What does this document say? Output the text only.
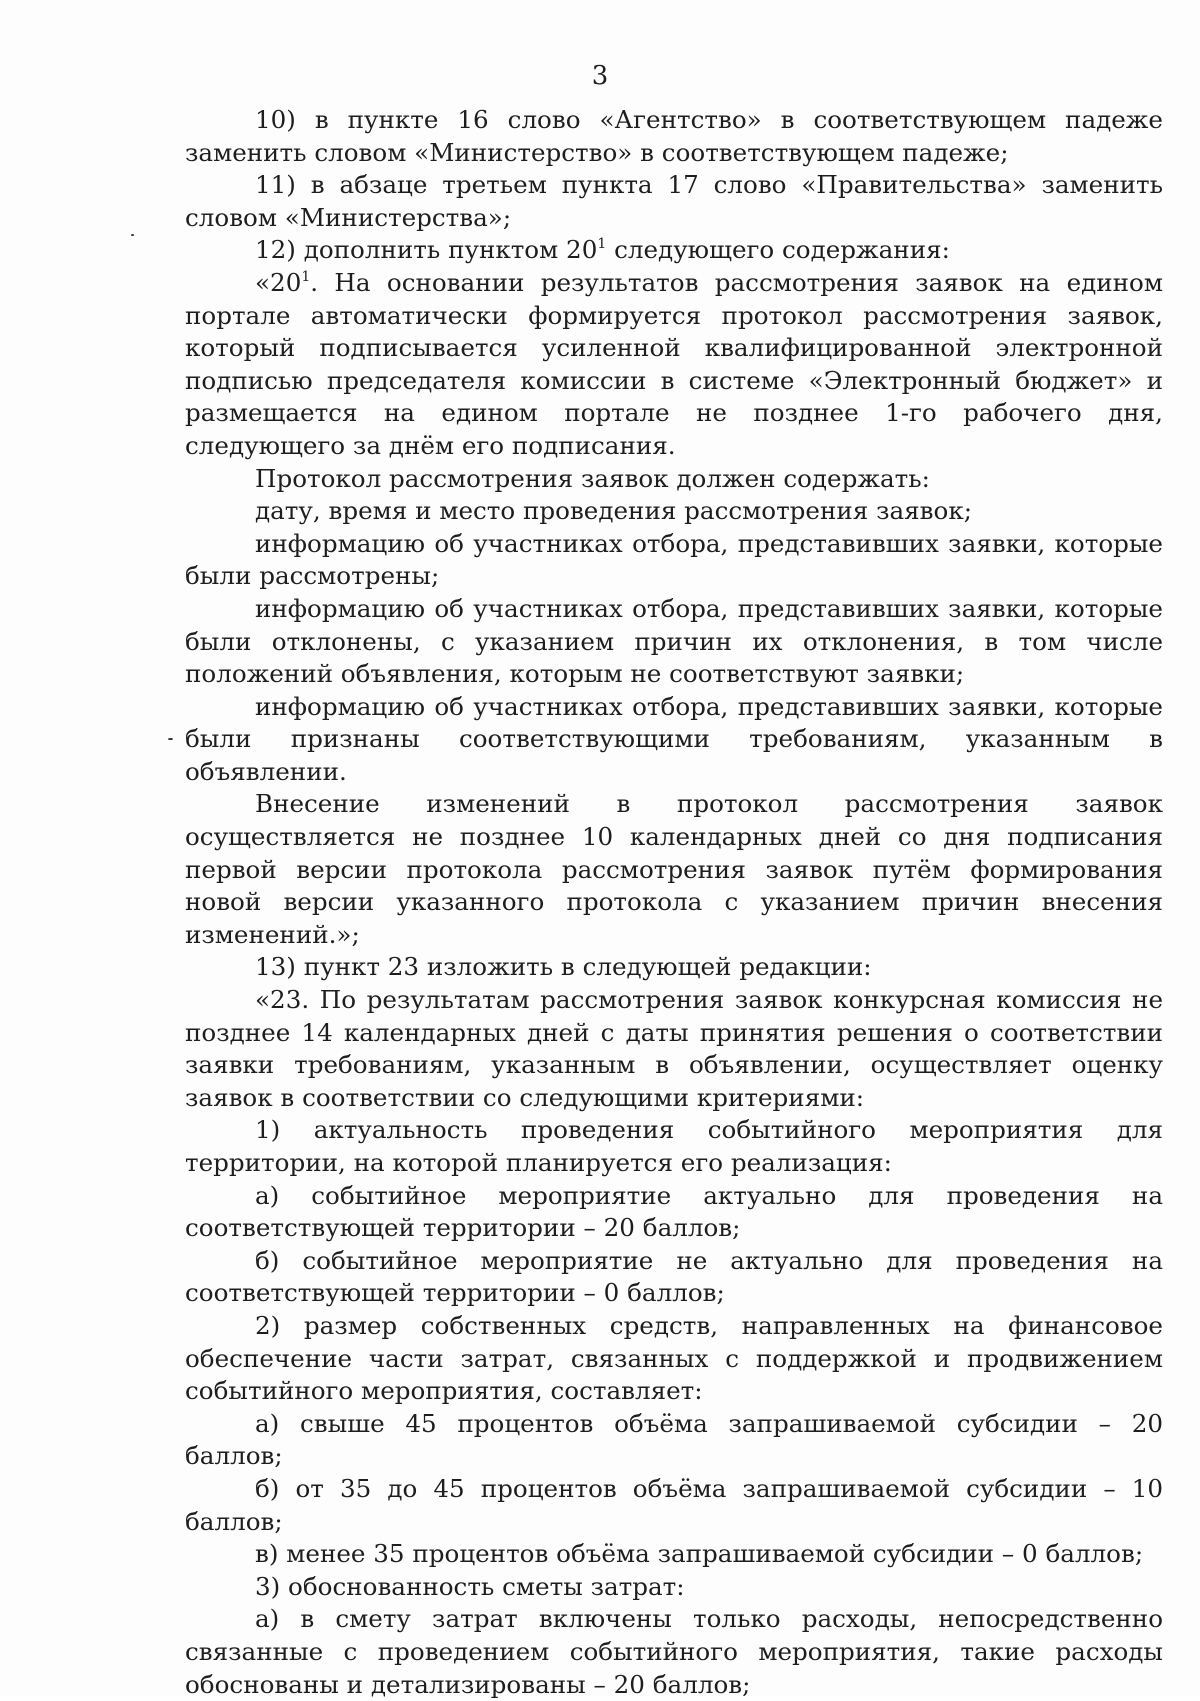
3

10) в пункте 16 слово «Агентство» в соответствующем падеже заменить словом «Министерство» в соответствующем падеже;

11) в абзаце третьем пункта 17 слово «Правительства» заменить словом «Министерства»;

12) дополнить пунктом $20^1$ следующего содержания:

«$20^1$. На основании результатов рассмотрения заявок на едином портале автоматически формируется протокол рассмотрения заявок, который подписывается усиленной квалифицированной электронной подписью председателя комиссии в системе «Электронный бюджет» и размещается на едином портале не позднее 1-го рабочего дня, следующего за днём его подписания.

Протокол рассмотрения заявок должен содержать:

дату, время и место проведения рассмотрения заявок;

информацию об участниках отбора, представивших заявки, которые были рассмотрены;

информацию об участниках отбора, представивших заявки, которые были отклонены, с указанием причин их отклонения, в том числе положений объявления, которым не соответствуют заявки;

информацию об участниках отбора, представивших заявки, которые были признаны соответствующими требованиям, указанным в объявлении.

Внесение изменений в протокол рассмотрения заявок осуществляется не позднее 10 календарных дней со дня подписания первой версии протокола рассмотрения заявок путём формирования новой версии указанного протокола с указанием причин внесения изменений.»;

13) пункт 23 изложить в следующей редакции:

«23. По результатам рассмотрения заявок конкурсная комиссия не позднее 14 календарных дней с даты принятия решения о соответствии заявки требованиям, указанным в объявлении, осуществляет оценку заявок в соответствии со следующими критериями:

1) актуальность проведения событийного мероприятия для территории, на которой планируется его реализация:

а) событийное мероприятие актуально для проведения на соответствующей территории – 20 баллов;

б) событийное мероприятие не актуально для проведения на соответствующей территории – 0 баллов;

2) размер собственных средств, направленных на финансовое обеспечение части затрат, связанных с поддержкой и продвижением событийного мероприятия, составляет:

а) свыше 45 процентов объёма запрашиваемой субсидии – 20 баллов;

б) от 35 до 45 процентов объёма запрашиваемой субсидии – 10 баллов;

в) менее 35 процентов объёма запрашиваемой субсидии – 0 баллов;

3) обоснованность сметы затрат:

а) в смету затрат включены только расходы, непосредственно связанные с проведением событийного мероприятия, такие расходы обоснованы и детализированы – 20 баллов;
